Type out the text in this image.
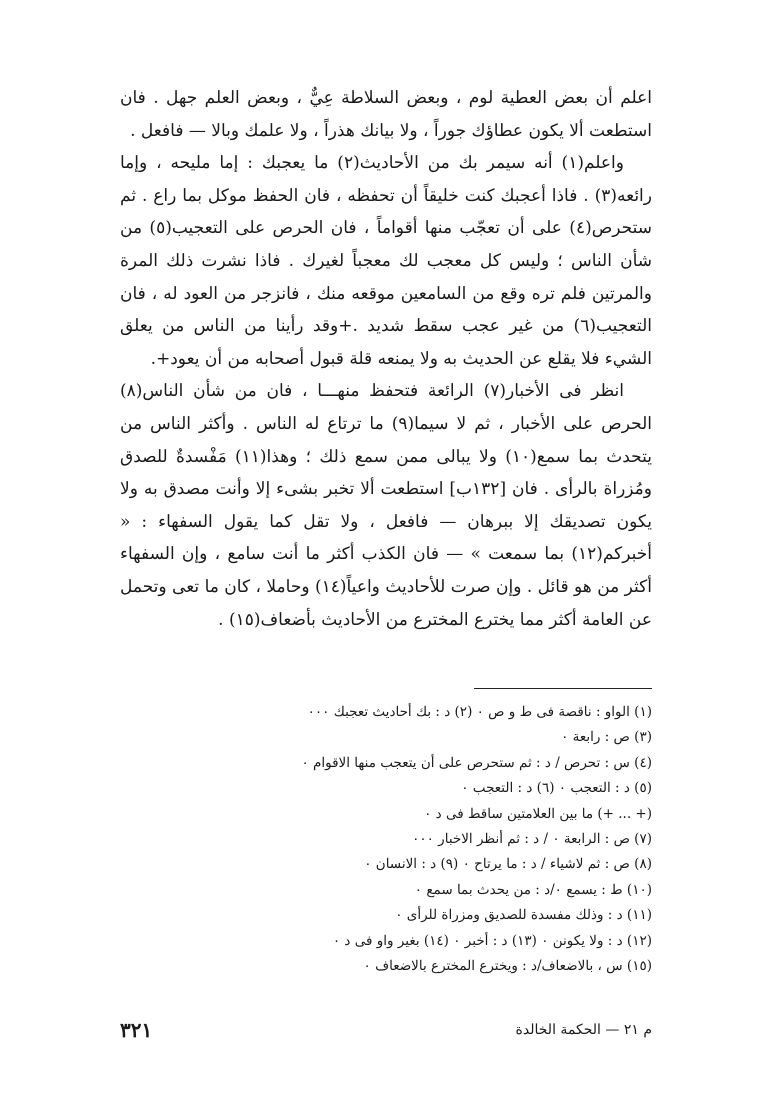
اعلم أن بعض العطية لوم ، وبعض السلاطة عِيٌّ ، وبعض العلم جهل . فان استطعت ألا يكون عطاؤك جوراً ، ولا بيانك هذراً ، ولا علمك وبالا — فافعل .

واعلم(١) أنه سيمر بك من الأحاديث(٢) ما يعجبك : إما مليحه ، وإما رائعه(٣) . فاذا أعجبك كنت خليقاً أن تحفظه ، فان الحفظ موكل بما راع . ثم ستحرص(٤) على أن تعجّب منها أقواماً ، فان الحرص على التعجيب(٥) من شأن الناس ؛ وليس كل معجب لك معجباً لغيرك . فاذا نشرت ذلك المرة والمرتين فلم تره وقع من السامعين موقعه منك ، فانزجر من العود له ، فان التعجيب(٦) من غير عجب سقط شديد .+وقد رأينا من الناس من يعلق الشيء فلا يقلع عن الحديث به ولا يمنعه قلة قبول أصحابه من أن يعود+.

انظر فى الأخبار(٧) الرائعة فتحفظ منهـــا ، فان من شأن الناس(٨) الحرص على الأخبار ، ثم لا سيما(٩) ما ترتاع له الناس . وأكثر الناس من يتحدث بما سمع(١٠) ولا يبالى ممن سمع ذلك ؛ وهذا(١١) مَفْسدةٌ للصدق ومُزراة بالرأى . فان [١٣٢ب] استطعت ألا تخبر بشىء إلا وأنت مصدق به ولا يكون تصديقك إلا ببرهان — فافعل ، ولا تقل كما يقول السفهاء : « أخبركم(١٢) بما سمعت » — فان الكذب أكثر ما أنت سامع ، وإن السفهاء أكثر من هو قائل . وإن صرت للأحاديث واعياً(١٤) وحاملا ، كان ما تعى وتحمل عن العامة أكثر مما يخترع المخترع من الأحاديث بأضعاف(١٥) .

(١) الواو : ناقصة فى ط و ص ٠ (٢) د : بك أحاديث تعجبك ٠٠٠
(٣) ص : رابعة ٠
(٤) س : تحرص / د : ثم ستحرص على أن يتعجب منها الاقوام ٠
(٥) د : التعجب ٠ (٦) د : التعجب ٠
(+ ... +) ما بين العلامتين ساقط فى د ٠
(٧) ص : الرابعة ٠ / د : ثم أنظر الاخبار ٠٠٠
(٨) ص : ثم لاشياء / د : ما يرتاح ٠ (٩) د : الانسان ٠
(١٠) ط : يسمع ٠/د : من يحدث بما سمع ٠
(١١) د : وذلك مفسدة للصديق ومزراة للرأى ٠
(١٢) د : ولا يكونن ٠ (١٣) د : أخبر ٠ (١٤) بغير واو فى د ٠
(١٥) س ، بالاضعاف/د : ويخترع المخترع بالاضعاف ٠
م ٢١ — الحكمة الخالدة
٣٢١
